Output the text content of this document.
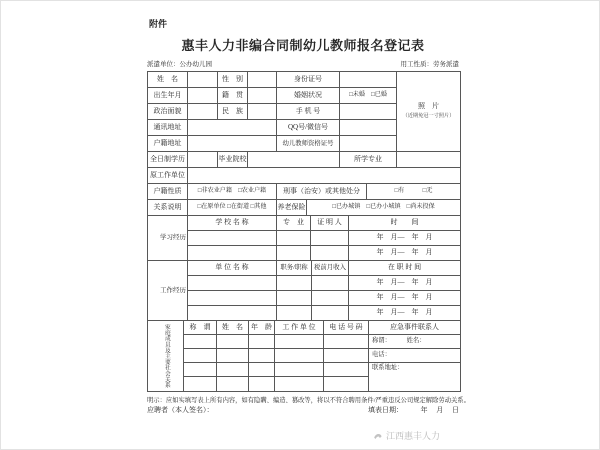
附件
惠丰人力非编合同制幼儿教师报名登记表
派遣单位：公办幼儿园	用工性质：劳务派遣
姓　名	性　别	身份证号
出生年月	籍　贯	婚姻状况	□未婚　□已婚
政治面貌	民　族	手 机 号
通讯地址	QQ号/微信号
户籍地址	幼儿教师资格证号
照　片
（近期免冠一寸照片）
全日制学历	毕业院校	所学专业
原工作单位
户籍性质	□非农业户籍　□农业户籍	刑事（治安）或其他处分	□有　　　□无
关系说明	□在原单位 □在街道 □其他	养老保险	□已办城镇　□已办小城镇　□尚未投保
学习经历
学 校 名 称	专　业	证 明 人	时　　间
年　月—　年　月
年　月—　年　月
工作经历
单 位 名 称	职务/职称 税前月收入	在 职 时 间
年　月—　年　月
年　月—　年　月
年　月—　年　月
家庭成员及主要社会关系	称　谓	姓　名	年　龄	工 作 单 位	电 话 号 码	应急事件联系人
称谓：　　　姓名：
电话：
联系地址：
明示：应如实填写表上所有内容，如有隐瞒、编造、篡改等，将以不符合聘用条件/严重违反公司规定解除劳动关系。
应聘者（本人签名）：	填表日期：　　　年　 月　 日
江西惠丰人力
